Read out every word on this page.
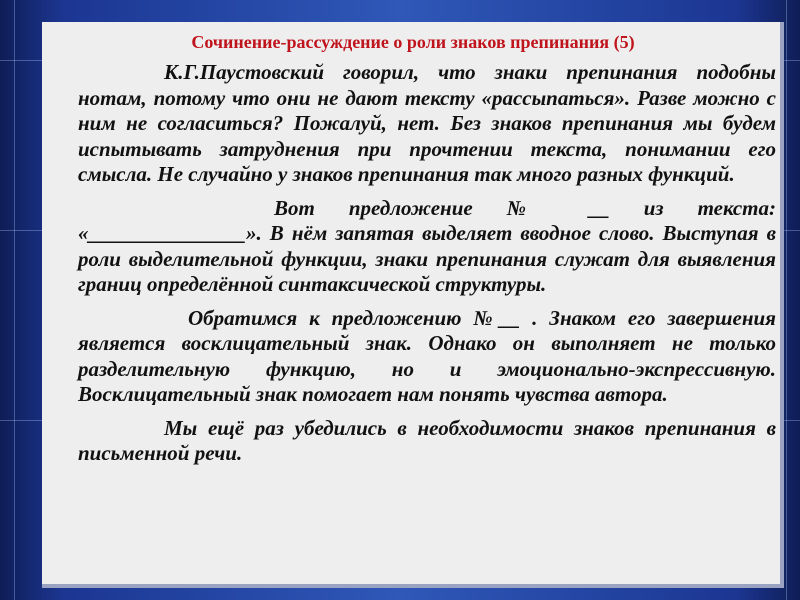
Сочинение-рассуждение о роли знаков препинания (5)

К.Г.Паустовский говорил, что знаки препинания подобны нотам, потому что они не дают тексту «рассыпаться». Разве можно с ним не согласиться? Пожалуй, нет. Без знаков препинания мы будем испытывать затруднения при прочтении текста, понимании его смысла. Не случайно у знаков препинания так много разных функций.

Вот предложение № __ из текста: «_______________». В нём запятая выделяет вводное слово. Выступая в роли выделительной функции, знаки препинания служат для выявления границ определённой синтаксической структуры.

Обратимся к предложению №__ . Знаком его завершения является восклицательный знак. Однако он выполняет не только разделительную функцию, но и эмоционально-экспрессивную. Восклицательный знак помогает нам понять чувства автора.

Мы ещё раз убедились в необходимости знаков препинания в письменной речи.
